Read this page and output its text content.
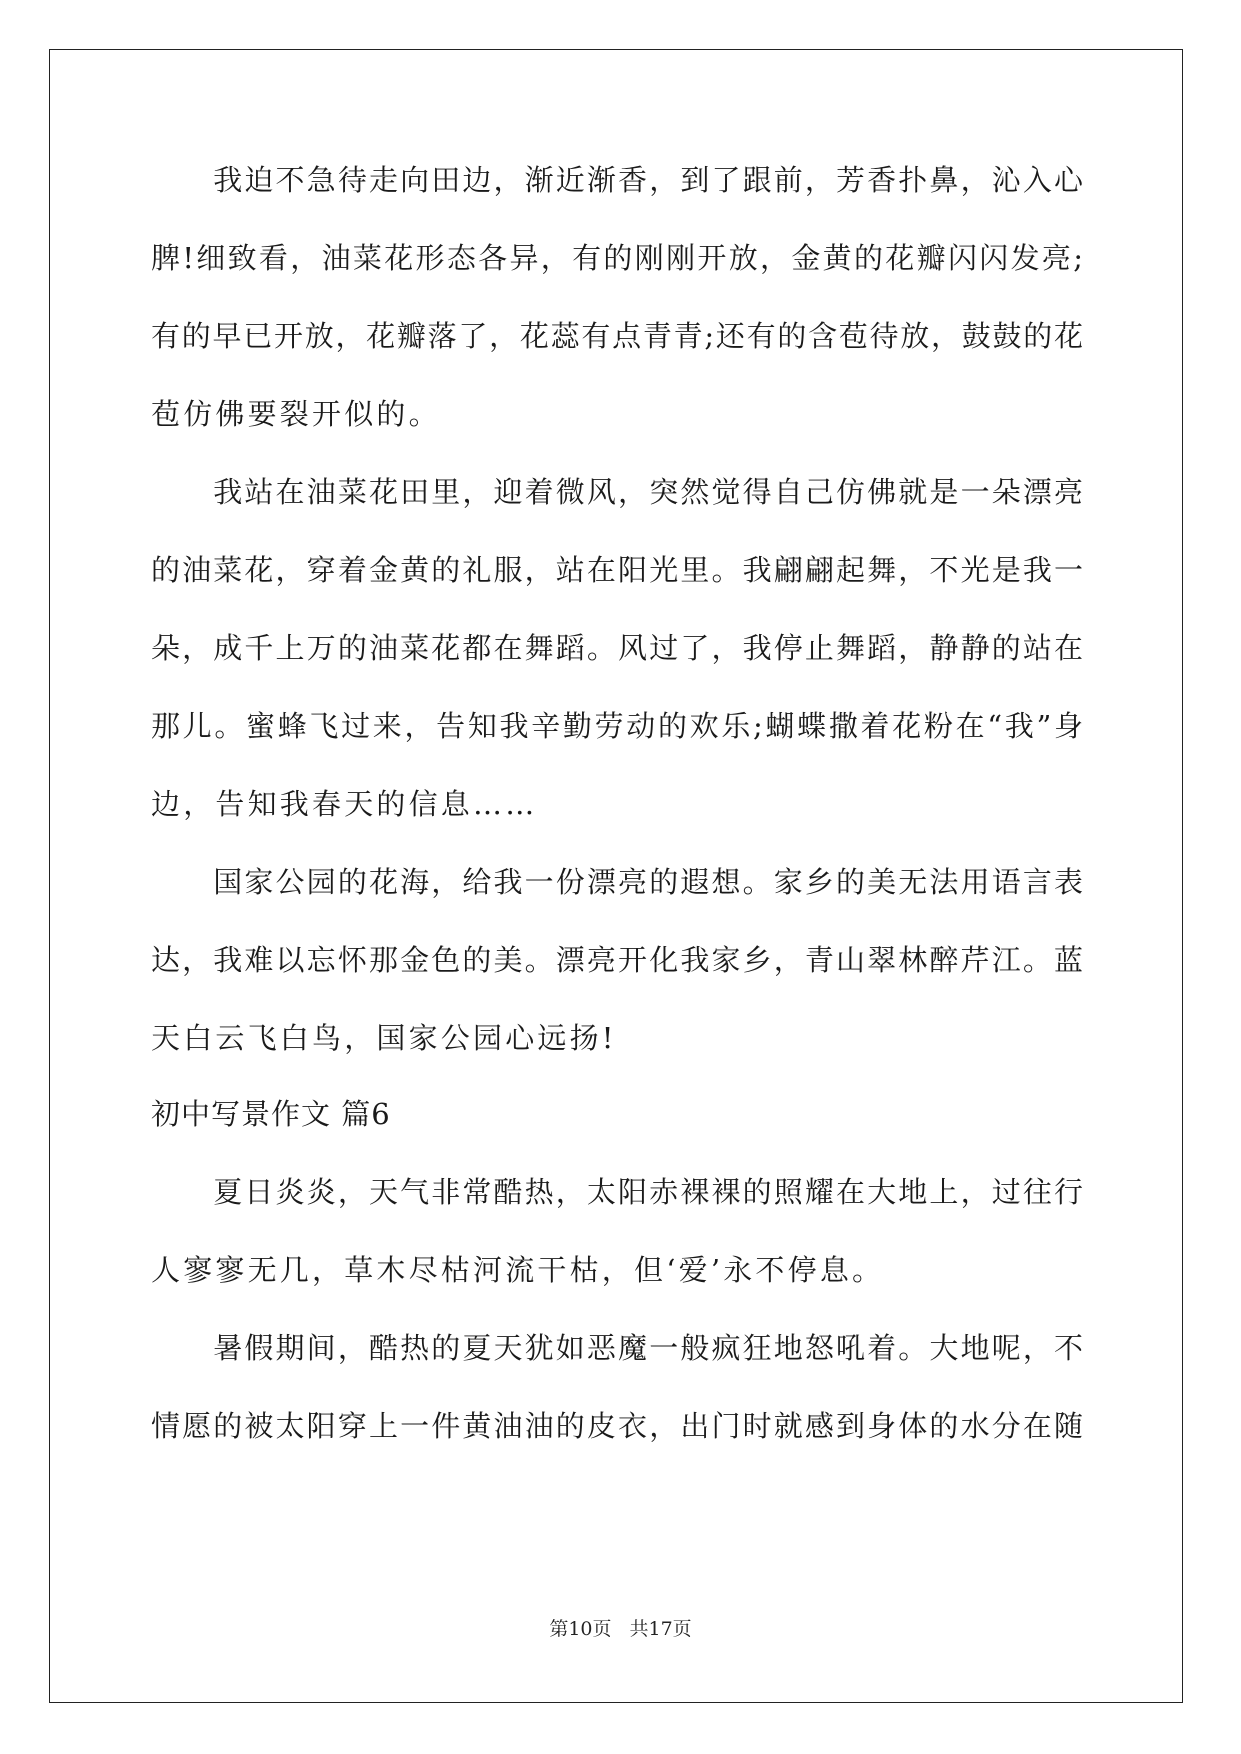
　　我迫不急待走向田边，渐近渐香，到了跟前，芳香扑鼻，沁入心
脾!细致看，油菜花形态各异，有的刚刚开放，金黄的花瓣闪闪发亮;
有的早已开放，花瓣落了，花蕊有点青青;还有的含苞待放，鼓鼓的花
苞仿佛要裂开似的。
　　我站在油菜花田里，迎着微风，突然觉得自己仿佛就是一朵漂亮
的油菜花，穿着金黄的礼服，站在阳光里。我翩翩起舞，不光是我一
朵，成千上万的油菜花都在舞蹈。风过了，我停止舞蹈，静静的站在
那儿。蜜蜂飞过来，告知我辛勤劳动的欢乐;蝴蝶撒着花粉在“我”身
边，告知我春天的信息……
　　国家公园的花海，给我一份漂亮的遐想。家乡的美无法用语言表
达，我难以忘怀那金色的美。漂亮开化我家乡，青山翠林醉芹江。蓝
天白云飞白鸟，国家公园心远扬!
初中写景作文 篇6
　　夏日炎炎，天气非常酷热，太阳赤裸裸的照耀在大地上，过往行
人寥寥无几，草木尽枯河流干枯，但‘爱’永不停息。
　　暑假期间，酷热的夏天犹如恶魔一般疯狂地怒吼着。大地呢，不
情愿的被太阳穿上一件黄油油的皮衣，出门时就感到身体的水分在随
第10页 共17页
